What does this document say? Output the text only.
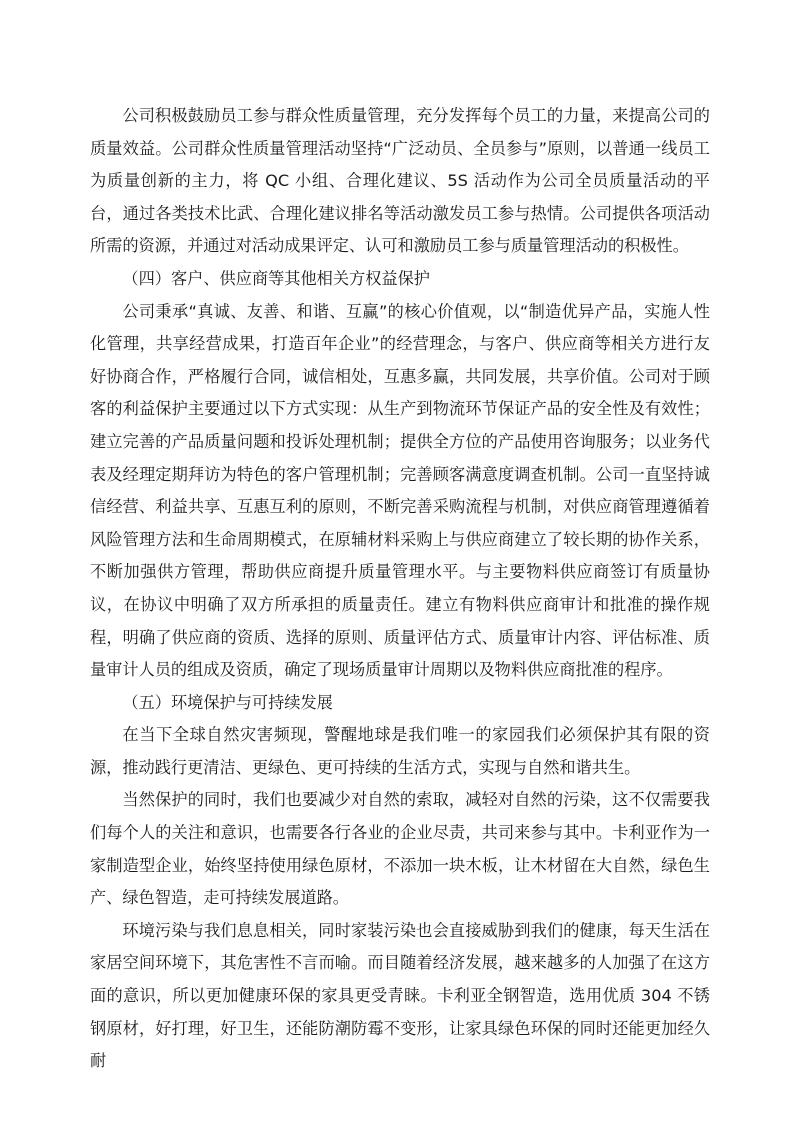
公司积极鼓励员工参与群众性质量管理，充分发挥每个员工的力量，来提高公司的质量效益。公司群众性质量管理活动坚持“广泛动员、全员参与”原则，以普通一线员工为质量创新的主力，将 QC 小组、合理化建议、5S 活动作为公司全员质量活动的平台，通过各类技术比武、合理化建议排名等活动激发员工参与热情。公司提供各项活动所需的资源，并通过对活动成果评定、认可和激励员工参与质量管理活动的积极性。

（四）客户、供应商等其他相关方权益保护

公司秉承“真诚、友善、和谐、互赢”的核心价值观，以“制造优异产品，实施人性化管理，共享经营成果，打造百年企业”的经营理念，与客户、供应商等相关方进行友好协商合作，严格履行合同，诚信相处，互惠多赢，共同发展，共享价值。公司对于顾客的利益保护主要通过以下方式实现：从生产到物流环节保证产品的安全性及有效性；建立完善的产品质量问题和投诉处理机制；提供全方位的产品使用咨询服务；以业务代表及经理定期拜访为特色的客户管理机制；完善顾客满意度调查机制。公司一直坚持诚信经营、利益共享、互惠互利的原则，不断完善采购流程与机制，对供应商管理遵循着风险管理方法和生命周期模式，在原辅材料采购上与供应商建立了较长期的协作关系，不断加强供方管理，帮助供应商提升质量管理水平。与主要物料供应商签订有质量协议，在协议中明确了双方所承担的质量责任。建立有物料供应商审计和批准的操作规程，明确了供应商的资质、选择的原则、质量评估方式、质量审计内容、评估标准、质量审计人员的组成及资质，确定了现场质量审计周期以及物料供应商批准的程序。

（五）环境保护与可持续发展

在当下全球自然灾害频现，警醒地球是我们唯一的家园我们必须保护其有限的资源，推动践行更清洁、更绿色、更可持续的生活方式，实现与自然和谐共生。

当然保护的同时，我们也要减少对自然的索取，减轻对自然的污染，这不仅需要我们每个人的关注和意识，也需要各行各业的企业尽责，共司来参与其中。卡利亚作为一家制造型企业，始终坚持使用绿色原材，不添加一块木板，让木材留在大自然，绿色生产、绿色智造，走可持续发展道路。

环境污染与我们息息相关，同时家装污染也会直接威胁到我们的健康，每天生活在家居空间环境下，其危害性不言而喻。而目随着经济发展，越来越多的人加强了在这方面的意识，所以更加健康环保的家具更受青睐。卡利亚全钢智造，选用优质 304 不锈钢原材，好打理，好卫生，还能防潮防霉不变形，让家具绿色环保的同时还能更加经久耐
